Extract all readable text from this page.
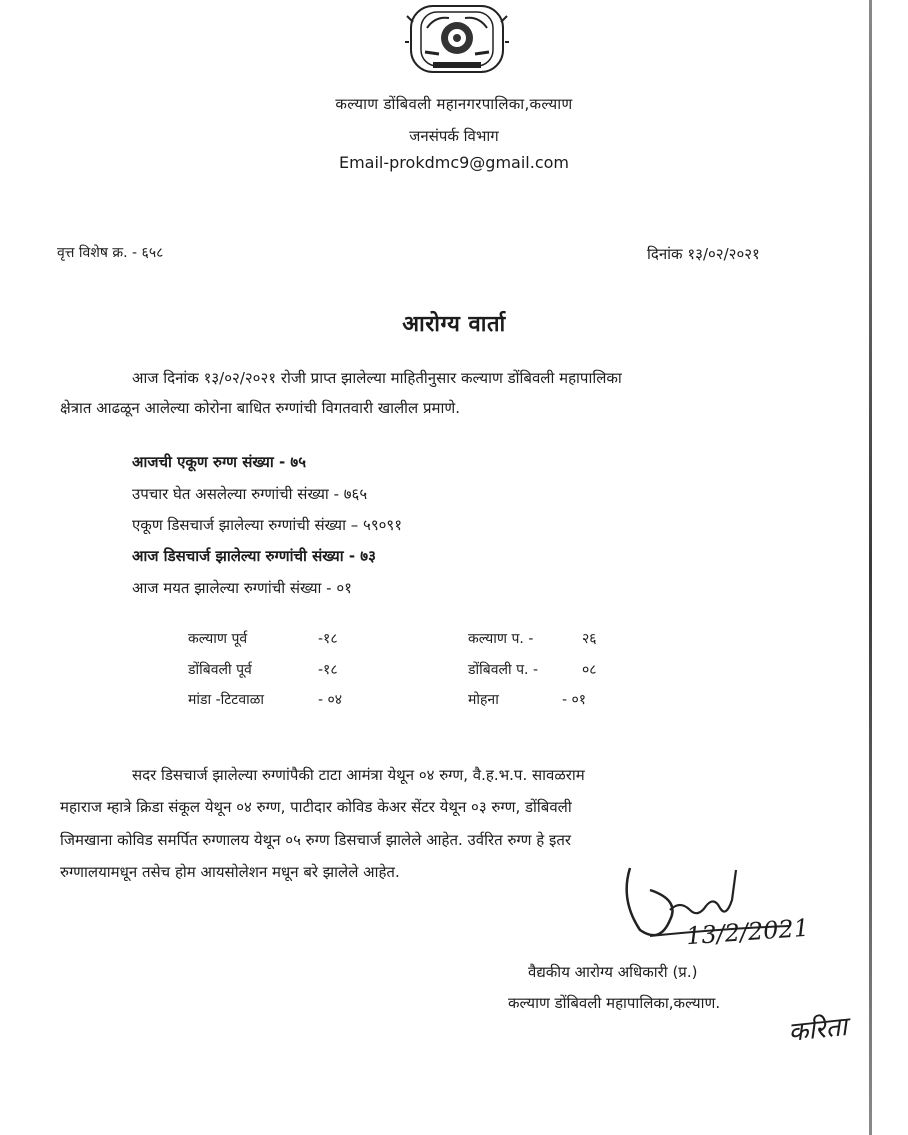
कल्याण डोंबिवली महानगरपालिका,कल्याण
जनसंपर्क विभाग
Email-prokdmc9@gmail.com
वृत्त विशेष क्र. - ६५८	दिनांक १३/०२/२०२१
आरोग्य वार्ता
आज दिनांक १३/०२/२०२१ रोजी प्राप्त झालेल्या माहितीनुसार कल्याण डोंबिवली महापालिका
क्षेत्रात आढळून आलेल्या कोरोना बाधित रुग्णांची विगतवारी खालील प्रमाणे.
आजची एकूण रुग्ण संख्या - ७५
उपचार घेत असलेल्या रुग्णांची संख्या - ७६५
एकूण डिसचार्ज झालेल्या रुग्णांची संख्या – ५९०९१
आज डिसचार्ज झालेल्या रुग्णांची संख्या - ७३
आज मयत झालेल्या रुग्णांची संख्या - ०१
कल्याण पूर्व	-१८	कल्याण प. -	२६
डोंबिवली पूर्व	-१८	डोंबिवली प. -	०८
मांडा -टिटवाळा	- ०४	मोहना	- ०१
सदर डिसचार्ज झालेल्या रुग्णांपैकी टाटा आमंत्रा येथून ०४ रुग्ण, वै.ह.भ.प. सावळराम
महाराज म्हात्रे क्रिडा संकूल येथून ०४ रुग्ण, पाटीदार कोविड केअर सेंटर येथून ०३ रुग्ण, डोंबिवली
जिमखाना कोविड समर्पित रुग्णालय येथून ०५ रुग्ण डिसचार्ज झालेले आहेत. उर्वरित रुग्ण हे इतर
रुग्णालयामधून तसेच होम आयसोलेशन मधून बरे झालेले आहेत.
13/2/2021
वैद्यकीय आरोग्य अधिकारी (प्र.)
कल्याण डोंबिवली महापालिका,कल्याण.
करिता
